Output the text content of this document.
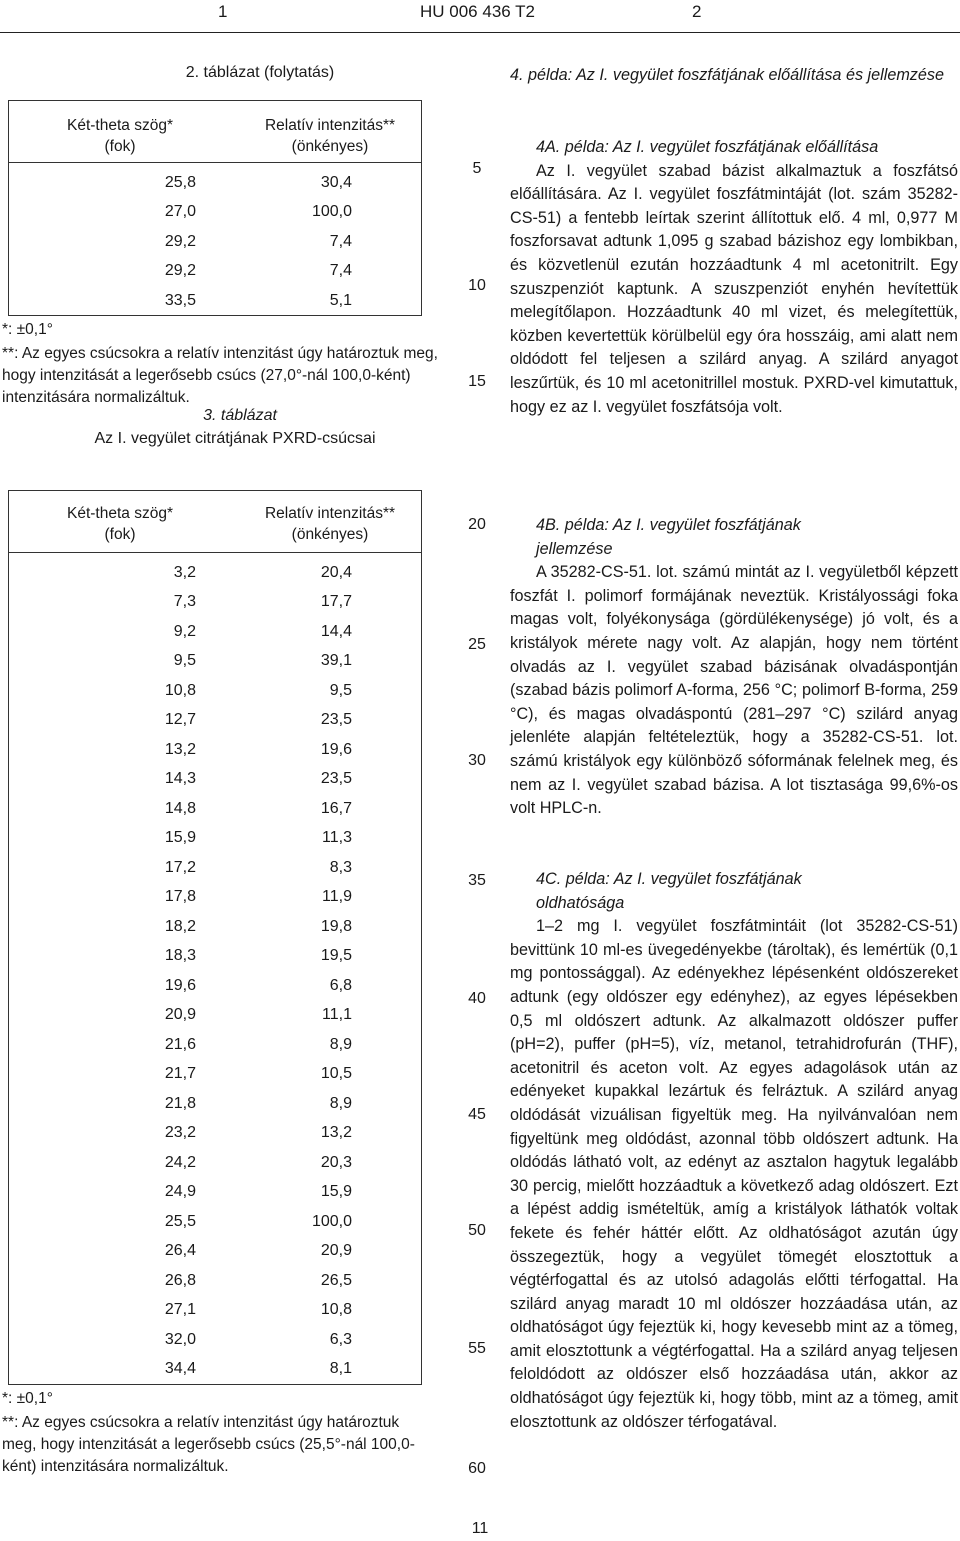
1	HU 006 436 T2	2
2. táblázat (folytatás)
Két-theta szög*
(fok)
Relatív intenzitás**
(önkényes)
25,8	30,4
27,0	100,0
29,2	7,4
29,2	7,4
33,5	5,1
*: ±0,1°
**: Az egyes csúcsokra a relatív intenzitást úgy határoztuk meg, hogy intenzitását a legerősebb csúcs (27,0°-nál 100,0-ként) intenzitására normalizáltuk.
3. táblázat
Az I. vegyület citrátjának PXRD-csúcsai
Két-theta szög*
(fok)
Relatív intenzitás**
(önkényes)
3,2	20,4
7,3	17,7
9,2	14,4
9,5	39,1
10,8	9,5
12,7	23,5
13,2	19,6
14,3	23,5
14,8	16,7
15,9	11,3
17,2	8,3
17,8	11,9
18,2	19,8
18,3	19,5
19,6	6,8
20,9	11,1
21,6	8,9
21,7	10,5
21,8	8,9
23,2	13,2
24,2	20,3
24,9	15,9
25,5	100,0
26,4	20,9
26,8	26,5
27,1	10,8
32,0	6,3
34,4	8,1
*: ±0,1°
**: Az egyes csúcsokra a relatív intenzitást úgy határoztuk meg, hogy intenzitását a legerősebb csúcs (25,5°-nál 100,0-ként) intenzitására normalizáltuk.
5
10
15
20
25
30
35
40
45
50
55
60

4. példa: Az I. vegyület foszfátjának előállítása és jellemzése

4A. példa: Az I. vegyület foszfátjának előállítása

Az I. vegyület szabad bázist alkalmaztuk a foszfátsó előállítására. Az I. vegyület foszfátmintáját (lot. szám 35282-CS-51) a fentebb leírtak szerint állítottuk elő. 4 ml, 0,977 M foszforsavat adtunk 1,095 g szabad bázishoz egy lombikban, és közvetlenül ezután hozzáadtunk 4 ml acetonitrilt. Egy szuszpenziót kaptunk. A szuszpenziót enyhén hevítettük melegítőlapon. Hozzáadtunk 40 ml vizet, és melegítettük, közben kevertettük körülbelül egy óra hosszáig, ami alatt nem oldódott fel teljesen a szilárd anyag. A szilárd anyagot leszűrtük, és 10 ml acetonitrillel mostuk. PXRD-vel kimutattuk, hogy ez az I. vegyület foszfátsója volt.

4B. példa: Az I. vegyület foszfátjának jellemzése

A 35282-CS-51. lot. számú mintát az I. vegyületből képzett foszfát I. polimorf formájának neveztük. Kristályossági foka magas volt, folyékonysága (gördülékenysége) jó volt, és a kristályok mérete nagy volt. Az alapján, hogy nem történt olvadás az I. vegyület szabad bázisának olvadáspontján (szabad bázis polimorf A-forma, 256 °C; polimorf B-forma, 259 °C), és magas olvadáspontú (281–297 °C) szilárd anyag jelenléte alapján feltételeztük, hogy a 35282-CS-51. lot. számú kristályok egy különböző sóformának felelnek meg, és nem az I. vegyület szabad bázisa. A lot tisztasága 99,6%-os volt HPLC-n.

4C. példa: Az I. vegyület foszfátjának oldhatósága

1–2 mg I. vegyület foszfátmintáit (lot 35282-CS-51) bevittünk 10 ml-es üvegedényekbe (tároltak), és lemértük (0,1 mg pontossággal). Az edényekhez lépésenként oldószereket adtunk (egy oldószer egy edényhez), az egyes lépésekben 0,5 ml oldószert adtunk. Az alkalmazott oldószer puffer (pH=2), puffer (pH=5), víz, metanol, tetrahidrofurán (THF), acetonitril és aceton volt. Az egyes adagolások után az edényeket kupakkal lezártuk és felráztuk. A szilárd anyag oldódását vizuálisan figyeltük meg. Ha nyilvánvalóan nem figyeltünk meg oldódást, azonnal több oldószert adtunk. Ha oldódás látható volt, az edényt az asztalon hagytuk legalább 30 percig, mielőtt hozzáadtuk a következő adag oldószert. Ezt a lépést addig ismételtük, amíg a kristályok láthatók voltak fekete és fehér háttér előtt. Az oldhatóságot azután úgy összegeztük, hogy a vegyület tömegét elosztottuk a végtérfogattal és az utolsó adagolás előtti térfogattal. Ha szilárd anyag maradt 10 ml oldószer hozzáadása után, az oldhatóságot úgy fejeztük ki, hogy kevesebb mint az a tömeg, amit elosztottunk a végtérfogattal. Ha a szilárd anyag teljesen feloldódott az oldószer első hozzáadása után, akkor az oldhatóságot úgy fejeztük ki, hogy több, mint az a tömeg, amit elosztottunk az oldószer térfogatával.

11
